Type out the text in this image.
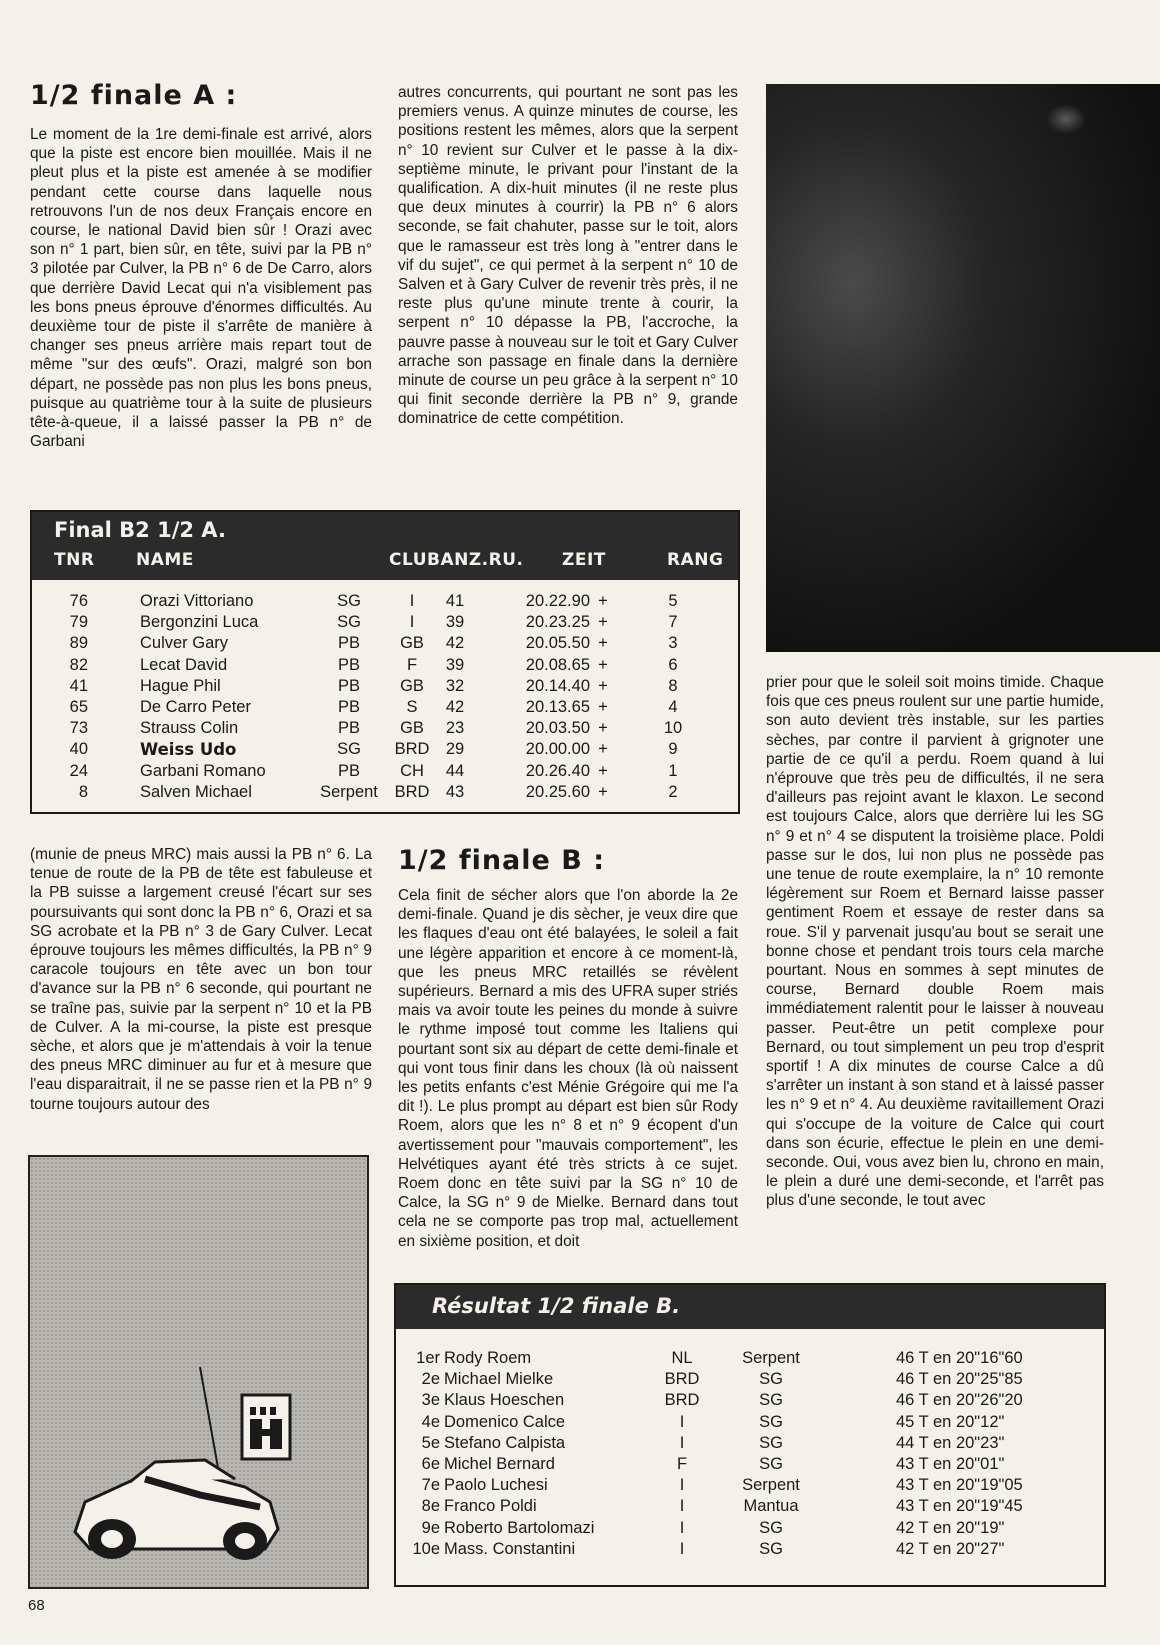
1/2 finale A :

Le moment de la 1re demi-finale est arrivé, alors que la piste est encore bien mouillée. Mais il ne pleut plus et la piste est amenée à se modifier pendant cette course dans laquelle nous retrouvons l'un de nos deux Français encore en course, le national David bien sûr ! Orazi avec son n° 1 part, bien sûr, en tête, suivi par la PB n° 3 pilotée par Culver, la PB n° 6 de De Carro, alors que derrière David Lecat qui n'a visiblement pas les bons pneus éprouve d'énormes difficultés. Au deuxième tour de piste il s'arrête de manière à changer ses pneus arrière mais repart tout de même "sur des œufs". Orazi, malgré son bon départ, ne possède pas non plus les bons pneus, puisque au quatrième tour à la suite de plusieurs tête-à-queue, il a laissé passer la PB n° de Garbani

autres concurrents, qui pourtant ne sont pas les premiers venus. A quinze minutes de course, les positions restent les mêmes, alors que la serpent n° 10 revient sur Culver et le passe à la dix-septième minute, le privant pour l'instant de la qualification. A dix-huit minutes (il ne reste plus que deux minutes à courrir) la PB n° 6 alors seconde, se fait chahuter, passe sur le toit, alors que le ramasseur est très long à "entrer dans le vif du sujet", ce qui permet à la serpent n° 10 de Salven et à Gary Culver de revenir très près, il ne reste plus qu'une minute trente à courir, la serpent n° 10 dépasse la PB, l'accroche, la pauvre passe à nouveau sur le toit et Gary Culver arrache son passage en finale dans la dernière minute de course un peu grâce à la serpent n° 10 qui finit seconde derrière la PB n° 9, grande dominatrice de cette compétition.

Final B2 1/2 A.
TNR NAME	CLUBANZ.RU. ZEIT	RANG
76	Orazi Vittoriano	SG	I	41	20.22.90 +	5
79	Bergonzini Luca	SG	I	39	20.23.25 +	7
89	Culver Gary	PB	GB	42	20.05.50 +	3
82	Lecat David	PB	F	39	20.08.65 +	6
41	Hague Phil	PB	GB	32	20.14.40 +	8
65	De Carro Peter	PB	S	42	20.13.65 +	4
73	Strauss Colin	PB	GB	23	20.03.50 +	10
40	Weiss Udo	SG	BRD 29	20.00.00 +	9
24	Garbani Romano	PB	CH	44	20.26.40 +	1
8	Salven Michael	Serpent	BRD 43	20.25.60 +	2

(munie de pneus MRC) mais aussi la PB n° 6. La tenue de route de la PB de tête est fabuleuse et la PB suisse a largement creusé l'écart sur ses poursuivants qui sont donc la PB n° 6, Orazi et sa SG acrobate et la PB n° 3 de Gary Culver. Lecat éprouve toujours les mêmes difficultés, la PB n° 9 caracole toujours en tête avec un bon tour d'avance sur la PB n° 6 seconde, qui pourtant ne se traîne pas, suivie par la serpent n° 10 et la PB de Culver. A la mi-course, la piste est presque sèche, et alors que je m'attendais à voir la tenue des pneus MRC diminuer au fur et à mesure que l'eau disparaitrait, il ne se passe rien et la PB n° 9 tourne toujours autour des

1/2 finale B :

Cela finit de sécher alors que l'on aborde la 2e demi-finale. Quand je dis sècher, je veux dire que les flaques d'eau ont été balayées, le soleil a fait une légère apparition et encore à ce moment-là, que les pneus MRC retaillés se révèlent supérieurs. Bernard a mis des UFRA super striés mais va avoir toute les peines du monde à suivre le rythme imposé tout comme les Italiens qui pourtant sont six au départ de cette demi-finale et qui vont tous finir dans les choux (là où naissent les petits enfants c'est Ménie Grégoire qui me l'a dit !). Le plus prompt au départ est bien sûr Rody Roem, alors que les n° 8 et n° 9 écopent d'un avertissement pour "mauvais comportement", les Helvétiques ayant été très stricts à ce sujet. Roem donc en tête suivi par la SG n° 10 de Calce, la SG n° 9 de Mielke. Bernard dans tout cela ne se comporte pas trop mal, actuellement en sixième position, et doit

prier pour que le soleil soit moins timide. Chaque fois que ces pneus roulent sur une partie humide, son auto devient très instable, sur les parties sèches, par contre il parvient à grignoter une partie de ce qu'il a perdu. Roem quand à lui n'éprouve que très peu de difficultés, il ne sera d'ailleurs pas rejoint avant le klaxon. Le second est toujours Calce, alors que derrière lui les SG n° 9 et n° 4 se disputent la troisième place. Poldi passe sur le dos, lui non plus ne possède pas une tenue de route exemplaire, la n° 10 remonte légèrement sur Roem et Bernard laisse passer gentiment Roem et essaye de rester dans sa roue. S'il y parvenait jusqu'au bout se serait une bonne chose et pendant trois tours cela marche pourtant. Nous en sommes à sept minutes de course, Bernard double Roem mais immédiatement ralentit pour le laisser à nouveau passer. Peut-être un petit complexe pour Bernard, ou tout simplement un peu trop d'esprit sportif ! A dix minutes de course Calce a dû s'arrêter un instant à son stand et à laissé passer les n° 9 et n° 4. Au deuxième ravitaillement Orazi qui s'occupe de la voiture de Calce qui court dans son écurie, effectue le plein en une demi-seconde. Oui, vous avez bien lu, chrono en main, le plein a duré une demi-seconde, et l'arrêt pas plus d'une seconde, le tout avec

Résultat 1/2 finale B.
1er Rody Roem	NL	Serpent	46 T en 20"16"60
2e Michael Mielke	BRD	SG	46 T en 20"25"85
3e Klaus Hoeschen	BRD	SG	46 T en 20"26"20
4e Domenico Calce	I	SG	45 T en 20"12"
5e Stefano Calpista	I	SG	44 T en 20"23"
6e Michel Bernard	F	SG	43 T en 20"01"
7e Paolo Luchesi	I	Serpent	43 T en 20"19"05
8e Franco Poldi	I	Mantua	43 T en 20"19"45
9e Roberto Bartolomazi	I	SG	42 T en 20"19"
10e Mass. Constantini	I	SG	42 T en 20"27"
68
